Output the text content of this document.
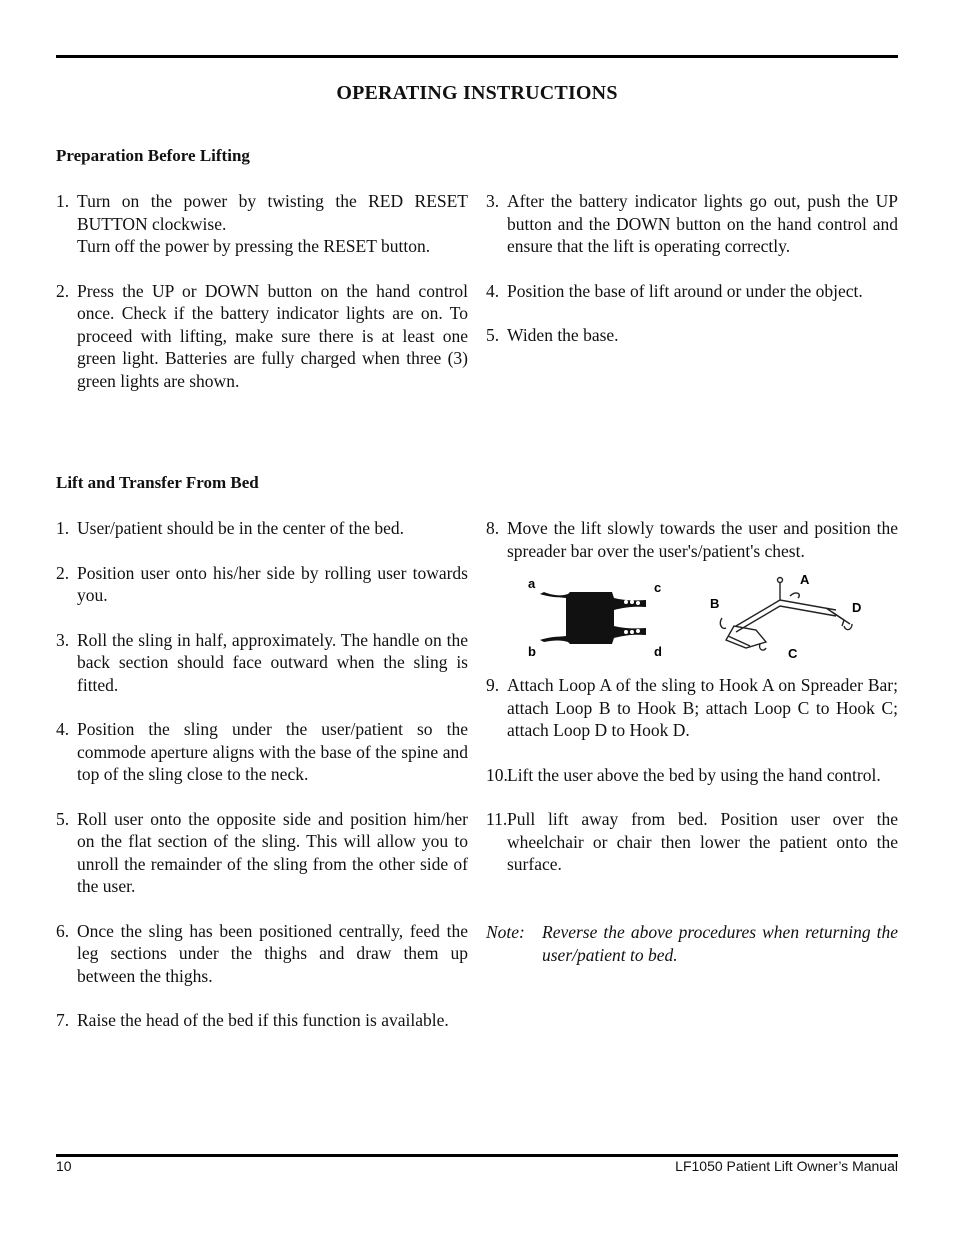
OPERATING INSTRUCTIONS
Preparation Before Lifting
1. Turn on the power by twisting the RED RESET BUTTON clockwise.
Turn off the power by pressing the RESET button.
2. Press the UP or DOWN button on the hand control once. Check if the battery indicator lights are on. To proceed with lifting, make sure there is at least one green light. Batteries are fully charged when three (3) green lights are shown.
3. After the battery indicator lights go out, push the UP button and the DOWN button on the hand control and ensure that the lift is operating correctly.
4. Position the base of lift around or under the object.
5. Widen the base.
Lift and Transfer From Bed
1. User/patient should be in the center of the bed.
2. Position user onto his/her side by rolling user towards you.
3. Roll the sling in half, approximately. The handle on the back section should face outward when the sling is fitted.
4. Position the sling under the user/patient so the commode aperture aligns with the base of the spine and top of the sling close to the neck.
5. Roll user onto the opposite side and position him/her on the flat section of the sling. This will allow you to unroll the remainder of the sling from the other side of the user.
6. Once the sling has been positioned centrally, feed the leg sections under the thighs and draw them up between the thighs.
7. Raise the head of the bed if this function is available.
8. Move the lift slowly towards the user and position the spreader bar over the user's/patient's chest.
a	c
b	d
A
B	D
C
9. Attach Loop A of the sling to Hook A on Spreader Bar; attach Loop B to Hook B; attach Loop C to Hook C; attach Loop D to Hook D.
10. Lift the user above the bed by using the hand control.
11. Pull lift away from bed. Position user over the wheelchair or chair then lower the patient onto the surface.
Note: Reverse the above procedures when returning the user/patient to bed.
10	LF1050 Patient Lift Owner’s Manual
